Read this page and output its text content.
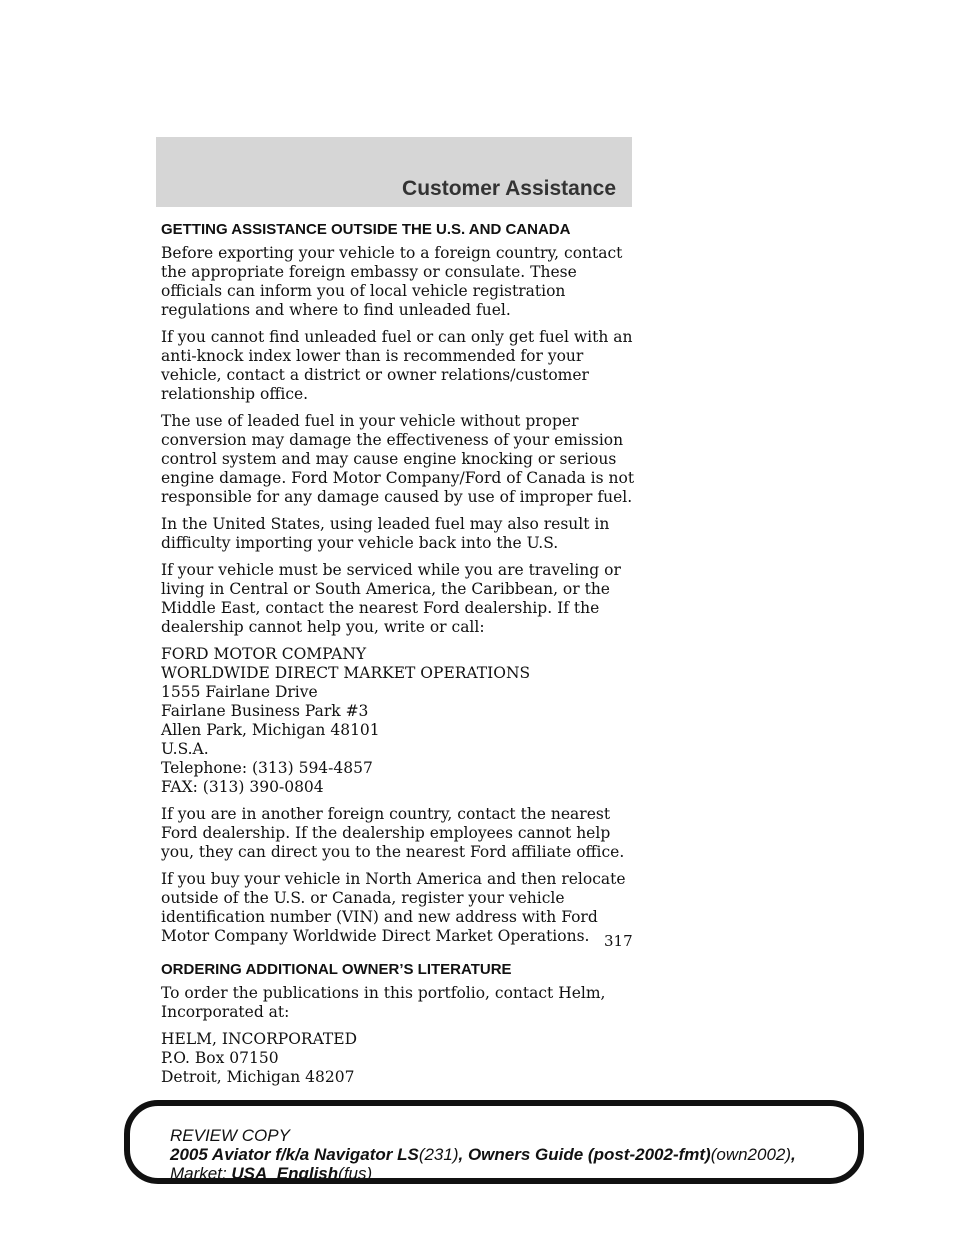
Customer Assistance
GETTING ASSISTANCE OUTSIDE THE U.S. AND CANADA

Before exporting your vehicle to a foreign country, contact the appropriate foreign embassy or consulate. These officials can inform you of local vehicle registration regulations and where to find unleaded fuel.

If you cannot find unleaded fuel or can only get fuel with an anti-knock index lower than is recommended for your vehicle, contact a district or owner relations/customer relationship office.

The use of leaded fuel in your vehicle without proper conversion may damage the effectiveness of your emission control system and may cause engine knocking or serious engine damage. Ford Motor Company/Ford of Canada is not responsible for any damage caused by use of improper fuel.

In the United States, using leaded fuel may also result in difficulty importing your vehicle back into the U.S.

If your vehicle must be serviced while you are traveling or living in Central or South America, the Caribbean, or the Middle East, contact the nearest Ford dealership. If the dealership cannot help you, write or call:

FORD MOTOR COMPANY
WORLDWIDE DIRECT MARKET OPERATIONS
1555 Fairlane Drive
Fairlane Business Park #3
Allen Park, Michigan 48101
U.S.A.
Telephone: (313) 594-4857
FAX: (313) 390-0804

If you are in another foreign country, contact the nearest Ford dealership. If the dealership employees cannot help you, they can direct you to the nearest Ford affiliate office.

If you buy your vehicle in North America and then relocate outside of the U.S. or Canada, register your vehicle identification number (VIN) and new address with Ford Motor Company Worldwide Direct Market Operations.

ORDERING ADDITIONAL OWNER’S LITERATURE

To order the publications in this portfolio, contact Helm, Incorporated at:

HELM, INCORPORATED
P.O. Box 07150
Detroit, Michigan 48207
317
REVIEW COPY
2005 Aviator f/k/a Navigator LS(231), Owners Guide (post-2002-fmt)(own2002),
Market: USA_English(fus)
